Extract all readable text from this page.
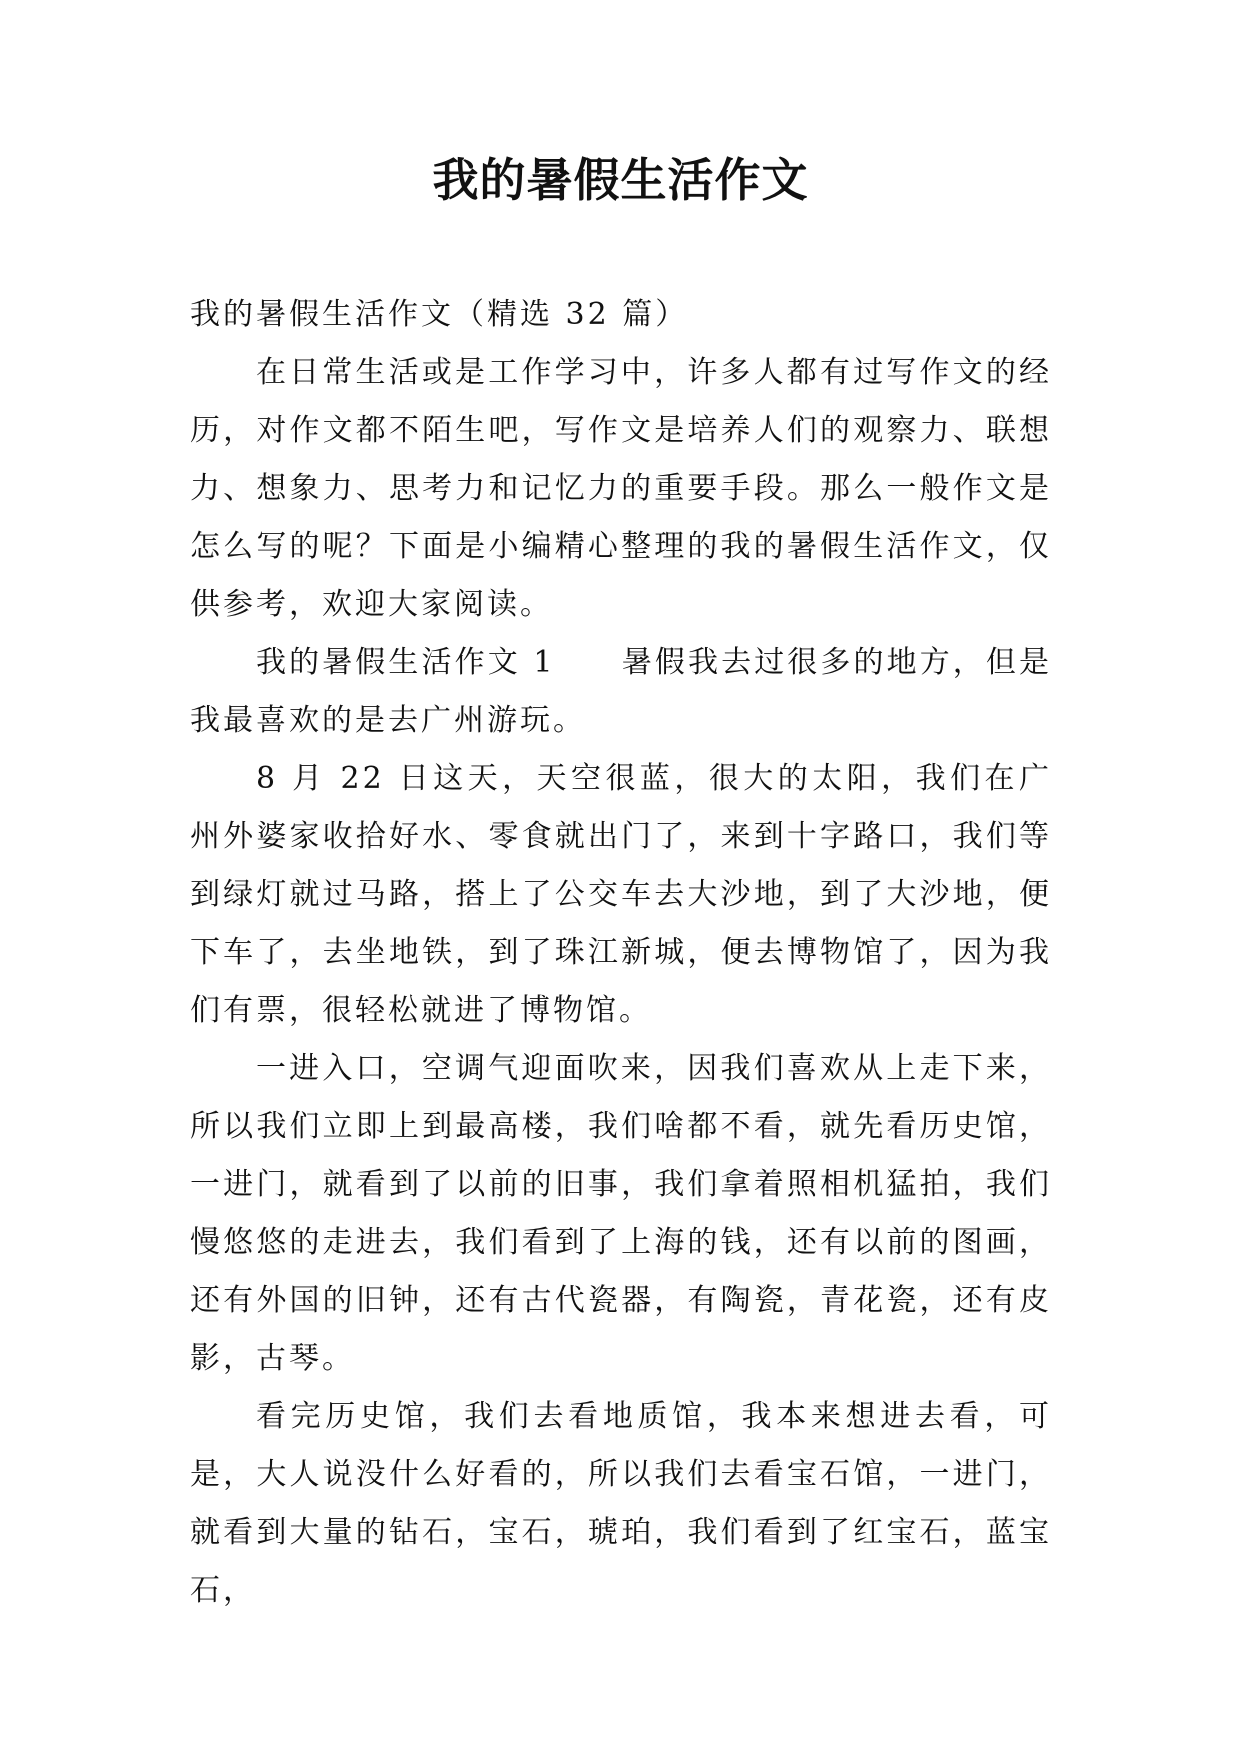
我的暑假生活作文

我的暑假生活作文（精选 32 篇）

在日常生活或是工作学习中，许多人都有过写作文的经历，对作文都不陌生吧，写作文是培养人们的观察力、联想力、想象力、思考力和记忆力的重要手段。那么一般作文是怎么写的呢？下面是小编精心整理的我的暑假生活作文，仅供参考，欢迎大家阅读。

我的暑假生活作文 1　　暑假我去过很多的地方，但是我最喜欢的是去广州游玩。

8 月 22 日这天，天空很蓝，很大的太阳，我们在广州外婆家收拾好水、零食就出门了，来到十字路口，我们等到绿灯就过马路，搭上了公交车去大沙地，到了大沙地，便下车了，去坐地铁，到了珠江新城，便去博物馆了，因为我们有票，很轻松就进了博物馆。

一进入口，空调气迎面吹来，因我们喜欢从上走下来，所以我们立即上到最高楼，我们啥都不看，就先看历史馆，一进门，就看到了以前的旧事，我们拿着照相机猛拍，我们慢悠悠的走进去，我们看到了上海的钱，还有以前的图画，还有外国的旧钟，还有古代瓷器，有陶瓷，青花瓷，还有皮影，古琴。

看完历史馆，我们去看地质馆，我本来想进去看，可是，大人说没什么好看的，所以我们去看宝石馆，一进门，就看到大量的钻石，宝石，琥珀，我们看到了红宝石，蓝宝石，
